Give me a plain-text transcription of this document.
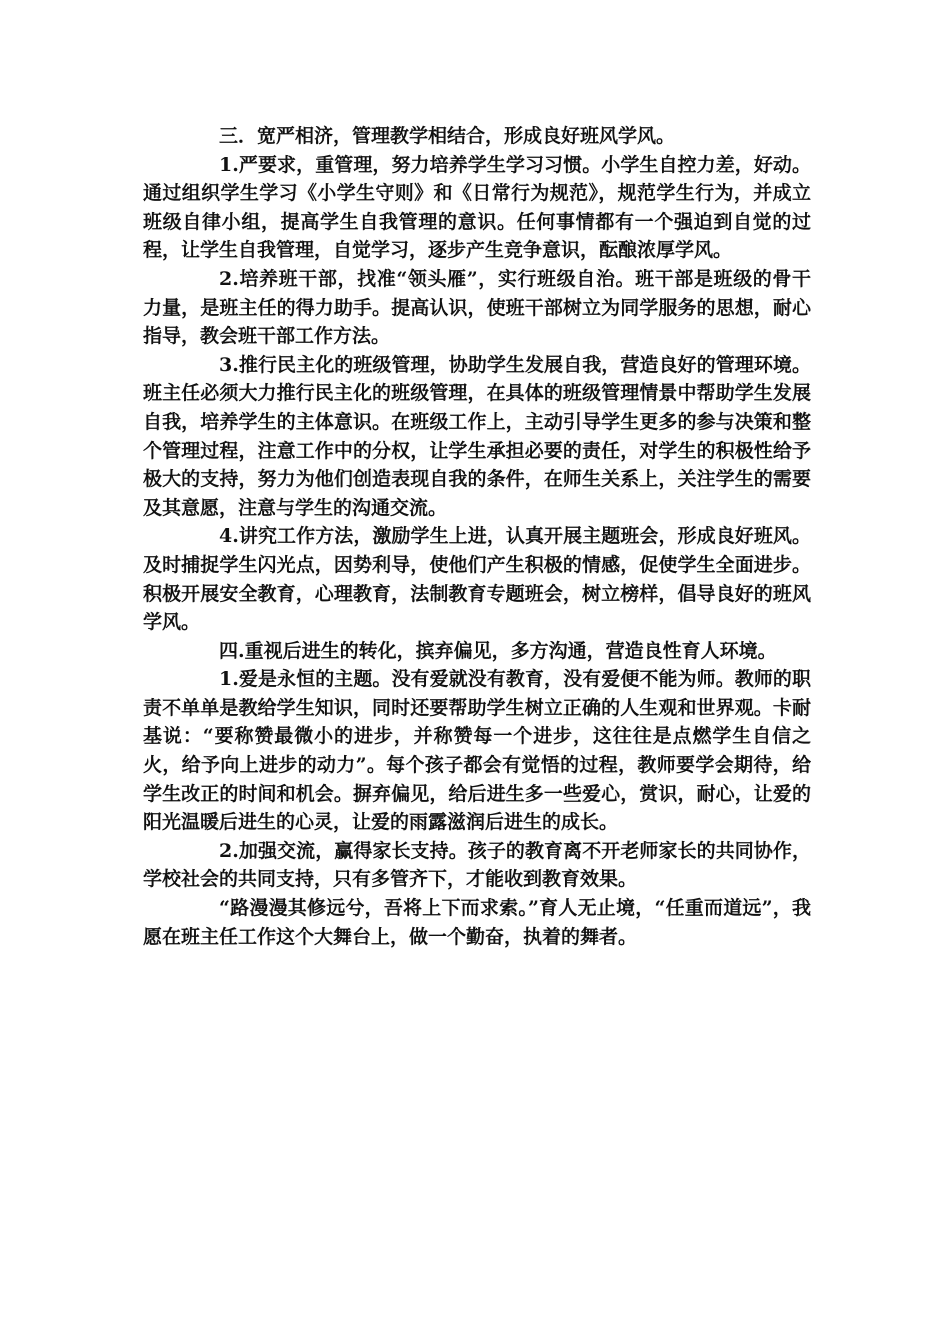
三．宽严相济，管理教学相结合，形成良好班风学风。

1.严要求，重管理，努力培养学生学习习惯。小学生自控力差，好动。通过组织学生学习《小学生守则》和《日常行为规范》，规范学生行为，并成立班级自律小组，提高学生自我管理的意识。任何事情都有一个强迫到自觉的过程，让学生自我管理，自觉学习，逐步产生竞争意识，酝酿浓厚学风。

2.培养班干部，找准“领头雁”，实行班级自治。班干部是班级的骨干力量，是班主任的得力助手。提高认识，使班干部树立为同学服务的思想，耐心指导，教会班干部工作方法。

3.推行民主化的班级管理，协助学生发展自我，营造良好的管理环境。班主任必须大力推行民主化的班级管理，在具体的班级管理情景中帮助学生发展自我，培养学生的主体意识。在班级工作上，主动引导学生更多的参与决策和整个管理过程，注意工作中的分权，让学生承担必要的责任，对学生的积极性给予极大的支持，努力为他们创造表现自我的条件，在师生关系上，关注学生的需要及其意愿，注意与学生的沟通交流。

4.讲究工作方法，激励学生上进，认真开展主题班会，形成良好班风。及时捕捉学生闪光点，因势利导，使他们产生积极的情感，促使学生全面进步。积极开展安全教育，心理教育，法制教育专题班会，树立榜样，倡导良好的班风学风。

四.重视后进生的转化，摈弃偏见，多方沟通，营造良性育人环境。

1.爱是永恒的主题。没有爱就没有教育，没有爱便不能为师。教师的职责不单单是教给学生知识，同时还要帮助学生树立正确的人生观和世界观。卡耐基说：“要称赞最微小的进步，并称赞每一个进步，这往往是点燃学生自信之火，给予向上进步的动力”。每个孩子都会有觉悟的过程，教师要学会期待，给学生改正的时间和机会。摒弃偏见，给后进生多一些爱心，赏识，耐心，让爱的阳光温暖后进生的心灵，让爱的雨露滋润后进生的成长。

2.加强交流，赢得家长支持。孩子的教育离不开老师家长的共同协作，学校社会的共同支持，只有多管齐下，才能收到教育效果。

“路漫漫其修远兮，吾将上下而求索。”育人无止境，“任重而道远”，我愿在班主任工作这个大舞台上，做一个勤奋，执着的舞者。
